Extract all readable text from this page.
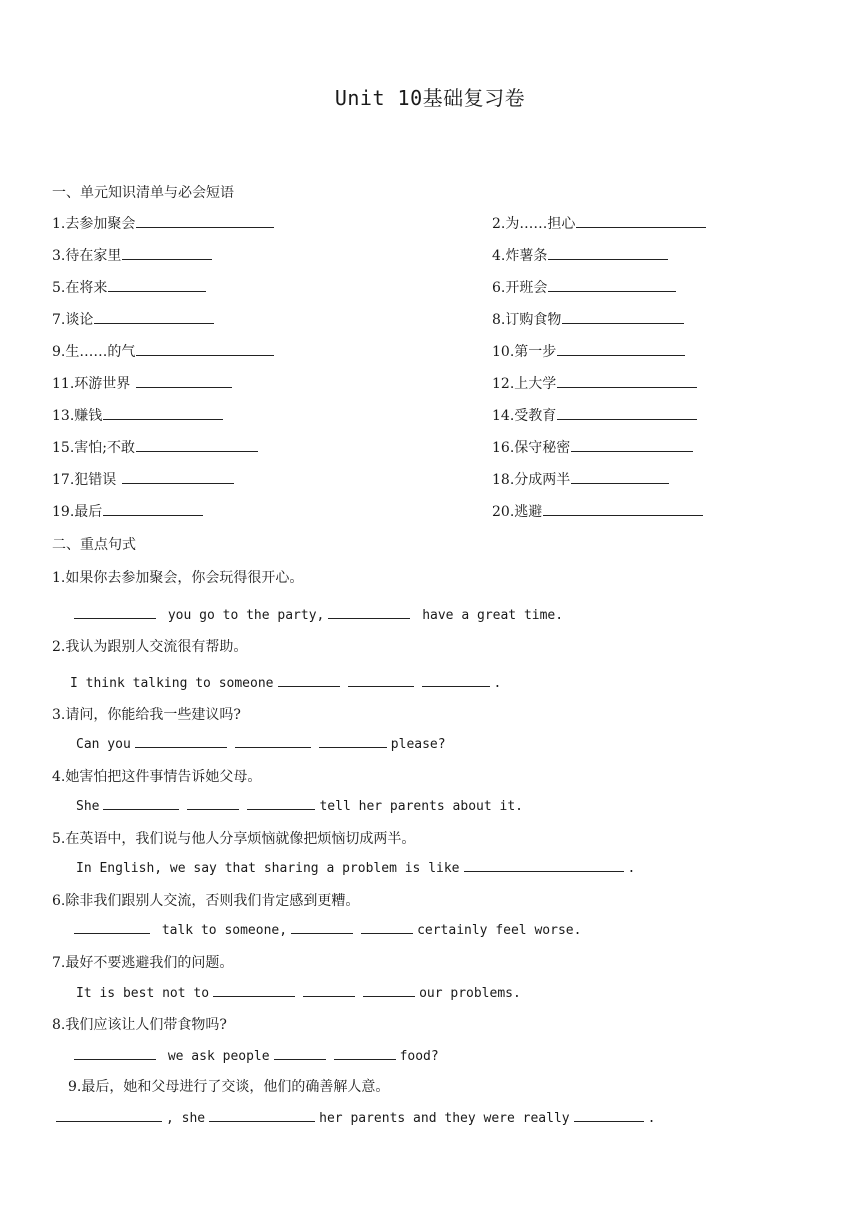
Unit 10基础复习卷
一、单元知识清单与必会短语
1.去参加聚会	2.为……担心
3.待在家里	4.炸薯条
5.在将来	6.开班会
7.谈论	8.订购食物
9.生……的气	10.第一步
11.环游世界	12.上大学
13.赚钱	14.受教育
15.害怕;不敢	16.保守秘密
17.犯错误	18.分成两半
19.最后	20.逃避
二、重点句式
1.如果你去参加聚会，你会玩得很开心。
you go to the party,	have a great time.
2.我认为跟别人交流很有帮助。
I think talking to someone	.
3.请问，你能给我一些建议吗?
Can you	please?
4.她害怕把这件事情告诉她父母。
She	tell her parents about it.
5.在英语中，我们说与他人分享烦恼就像把烦恼切成两半。
In English, we say that sharing a problem is like	.
6.除非我们跟别人交流，否则我们肯定感到更糟。
talk to someone,	certainly feel worse.
7.最好不要逃避我们的问题。
It is best not to	our problems.
8.我们应该让人们带食物吗?
we ask people	food?
9.最后，她和父母进行了交谈，他们的确善解人意。
, she	her parents and they were really	.
